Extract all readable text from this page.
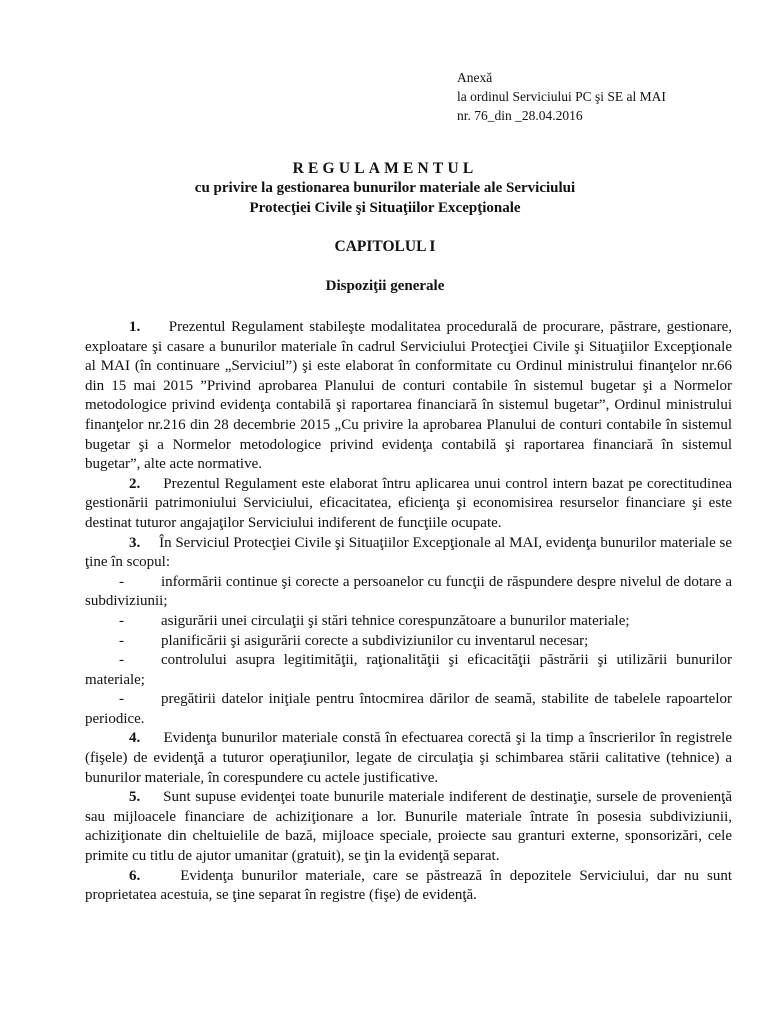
Anexă
la ordinul Serviciului PC şi SE al MAI
nr. 76_din _28.04.2016
REGULAMENTUL
cu privire la gestionarea bunurilor materiale ale Serviciului
Protecţiei Civile şi Situaţiilor Excepţionale
CAPITOLUL I
Dispoziţii generale

1. Prezentul Regulament stabileşte modalitatea procedurală de procurare, păstrare, gestionare, exploatare şi casare a bunurilor materiale în cadrul Serviciului Protecţiei Civile şi Situaţiilor Excepţionale al MAI (în continuare „Serviciul”) şi este elaborat în conformitate cu Ordinul ministrului finanţelor nr.66 din 15 mai 2015 ”Privind aprobarea Planului de conturi contabile în sistemul bugetar şi a Normelor metodologice privind evidenţa contabilă şi raportarea financiară în sistemul bugetar”, Ordinul ministrului finanţelor nr.216 din 28 decembrie 2015 „Cu privire la aprobarea Planului de conturi contabile în sistemul bugetar şi a Normelor metodologice privind evidenţa contabilă şi raportarea financiară în sistemul bugetar”, alte acte normative.

2. Prezentul Regulament este elaborat întru aplicarea unui control intern bazat pe corectitudinea gestionării patrimoniului Serviciului, eficacitatea, eficienţa şi economisirea resurselor financiare şi este destinat tuturor angajaţilor Serviciului indiferent de funcţiile ocupate.

3. În Serviciul Protecţiei Civile şi Situaţiilor Excepţionale al MAI, evidenţa bunurilor materiale se ţine în scopul:

- informării continue şi corecte a persoanelor cu funcţii de răspundere despre nivelul de dotare a subdiviziunii;

- asigurării unei circulaţii şi stări tehnice corespunzătoare a bunurilor materiale;

- planificării şi asigurării corecte a subdiviziunilor cu inventarul necesar;

- controlului asupra legitimităţii, raţionalităţii şi eficacităţii păstrării şi utilizării bunurilor materiale;

- pregătirii datelor iniţiale pentru întocmirea dărilor de seamă, stabilite de tabelele rapoartelor periodice.

4. Evidenţa bunurilor materiale constă în efectuarea corectă şi la timp a înscrierilor în registrele (fişele) de evidenţă a tuturor operaţiunilor, legate de circulaţia şi schimbarea stării calitative (tehnice) a bunurilor materiale, în corespundere cu actele justificative.

5. Sunt supuse evidenţei toate bunurile materiale indiferent de destinaţie, sursele de provenienţă sau mijloacele financiare de achiziţionare a lor. Bunurile materiale întrate în posesia subdiviziunii, achiziţionate din cheltuielile de bază, mijloace speciale, proiecte sau granturi externe, sponsorizări, cele primite cu titlu de ajutor umanitar (gratuit), se ţin la evidenţă separat.

6.	Evidenţa bunurilor materiale, care se păstrează în depozitele Serviciului, dar nu sunt proprietatea acestuia, se ţine separat în registre (fişe) de evidenţă.
